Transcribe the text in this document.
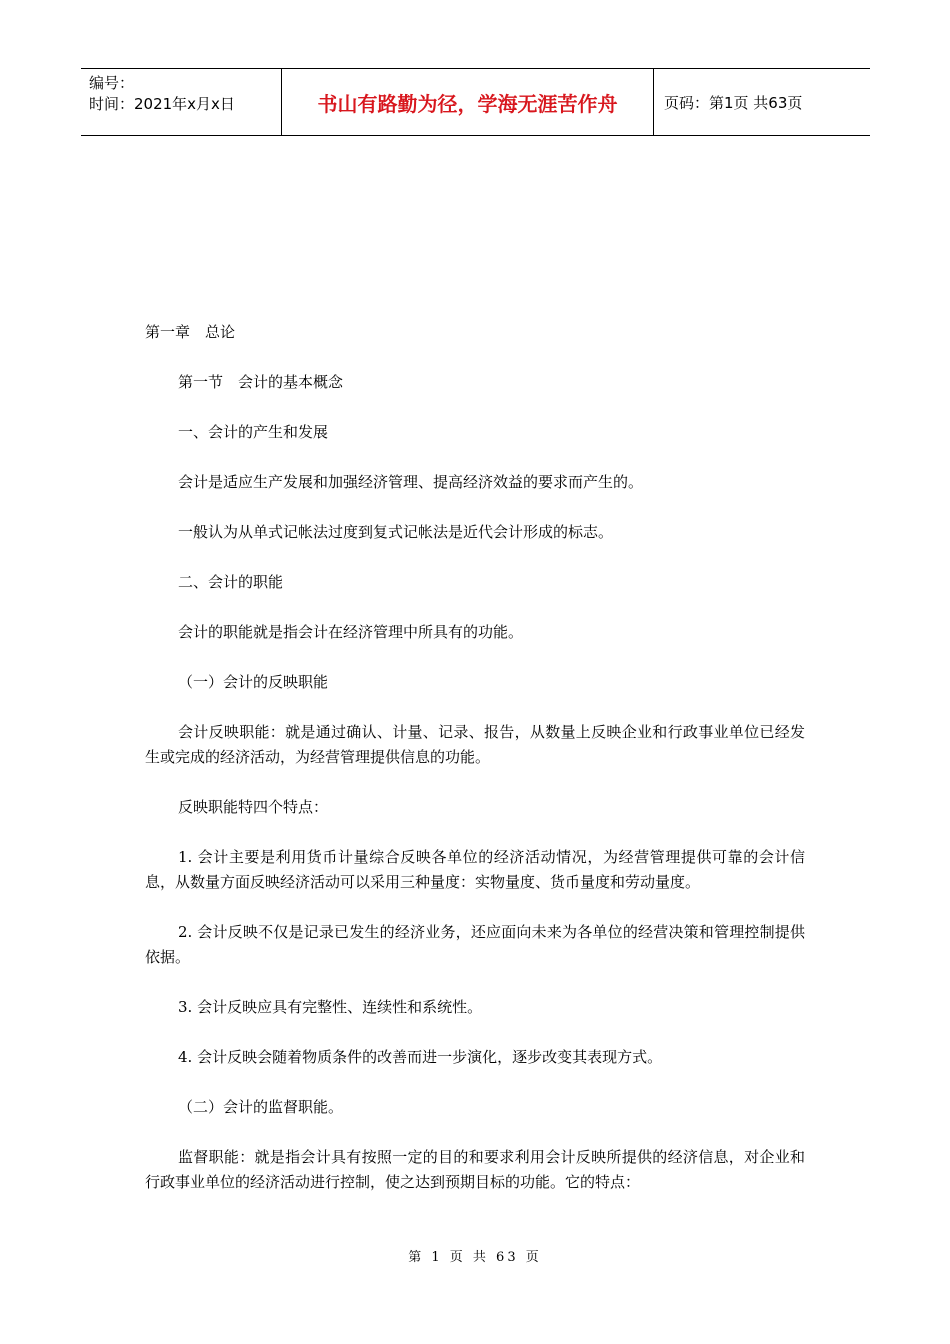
编号：
时间：2021年x月x日	书山有路勤为径，学海无涯苦作舟	页码：第1页 共63页

第一章　总论

第一节　会计的基本概念

一、会计的产生和发展

会计是适应生产发展和加强经济管理、提高经济效益的要求而产生的。

一般认为从单式记帐法过度到复式记帐法是近代会计形成的标志。

二、会计的职能

会计的职能就是指会计在经济管理中所具有的功能。

（一）会计的反映职能

会计反映职能：就是通过确认、计量、记录、报告，从数量上反映企业和行政事业单位已经发生或完成的经济活动，为经营管理提供信息的功能。

反映职能特四个特点：

1. 会计主要是利用货币计量综合反映各单位的经济活动情况，为经营管理提供可靠的会计信息，从数量方面反映经济活动可以采用三种量度：实物量度、货币量度和劳动量度。

2. 会计反映不仅是记录已发生的经济业务，还应面向未来为各单位的经营决策和管理控制提供依据。

3. 会计反映应具有完整性、连续性和系统性。

4. 会计反映会随着物质条件的改善而进一步演化，逐步改变其表现方式。

（二）会计的监督职能。

监督职能：就是指会计具有按照一定的目的和要求利用会计反映所提供的经济信息，对企业和行政事业单位的经济活动进行控制，使之达到预期目标的功能。它的特点：

第 1 页 共 63 页
